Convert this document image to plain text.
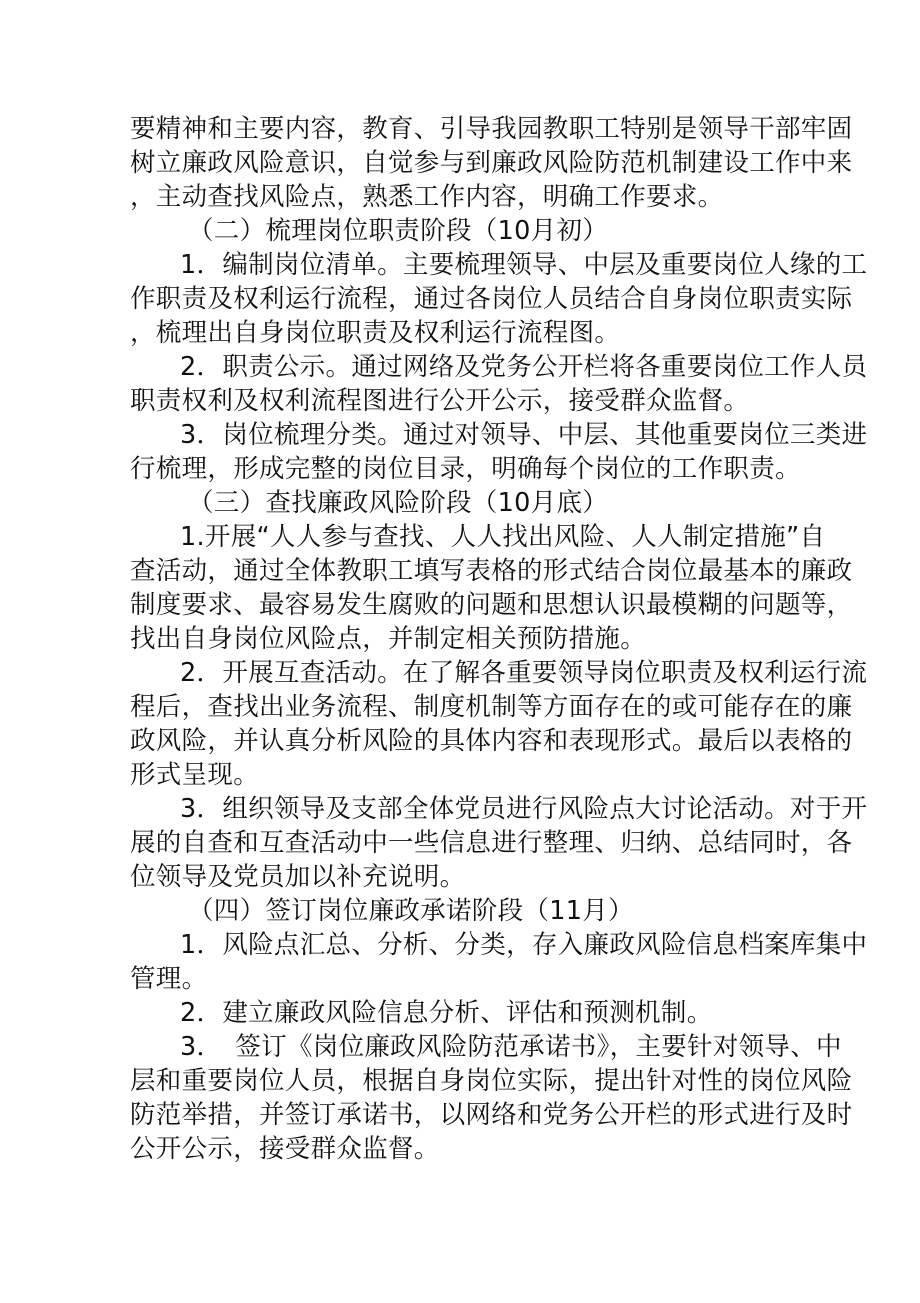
要精神和主要内容，教育、引导我园教职工特别是领导干部牢固
树立廉政风险意识，自觉参与到廉政风险防范机制建设工作中来
，主动查找风险点，熟悉工作内容，明确工作要求。
（二）梳理岗位职责阶段（10月初）
1．编制岗位清单。主要梳理领导、中层及重要岗位人缘的工
作职责及权利运行流程，通过各岗位人员结合自身岗位职责实际
，梳理出自身岗位职责及权利运行流程图。
2．职责公示。通过网络及党务公开栏将各重要岗位工作人员
职责权利及权利流程图进行公开公示，接受群众监督。
3．岗位梳理分类。通过对领导、中层、其他重要岗位三类进
行梳理，形成完整的岗位目录，明确每个岗位的工作职责。
（三）查找廉政风险阶段（10月底）
1.开展“人人参与查找、人人找出风险、人人制定措施”自
查活动，通过全体教职工填写表格的形式结合岗位最基本的廉政
制度要求、最容易发生腐败的问题和思想认识最模糊的问题等，
找出自身岗位风险点，并制定相关预防措施。
2．开展互查活动。在了解各重要领导岗位职责及权利运行流
程后，查找出业务流程、制度机制等方面存在的或可能存在的廉
政风险，并认真分析风险的具体内容和表现形式。最后以表格的
形式呈现。
3．组织领导及支部全体党员进行风险点大讨论活动。对于开
展的自查和互查活动中一些信息进行整理、归纳、总结同时，各
位领导及党员加以补充说明。
（四）签订岗位廉政承诺阶段（11月）
1．风险点汇总、分析、分类，存入廉政风险信息档案库集中
管理。
2．建立廉政风险信息分析、评估和预测机制。
3．　签订《岗位廉政风险防范承诺书》，主要针对领导、中
层和重要岗位人员，根据自身岗位实际，提出针对性的岗位风险
防范举措，并签订承诺书，以网络和党务公开栏的形式进行及时
公开公示，接受群众监督。
